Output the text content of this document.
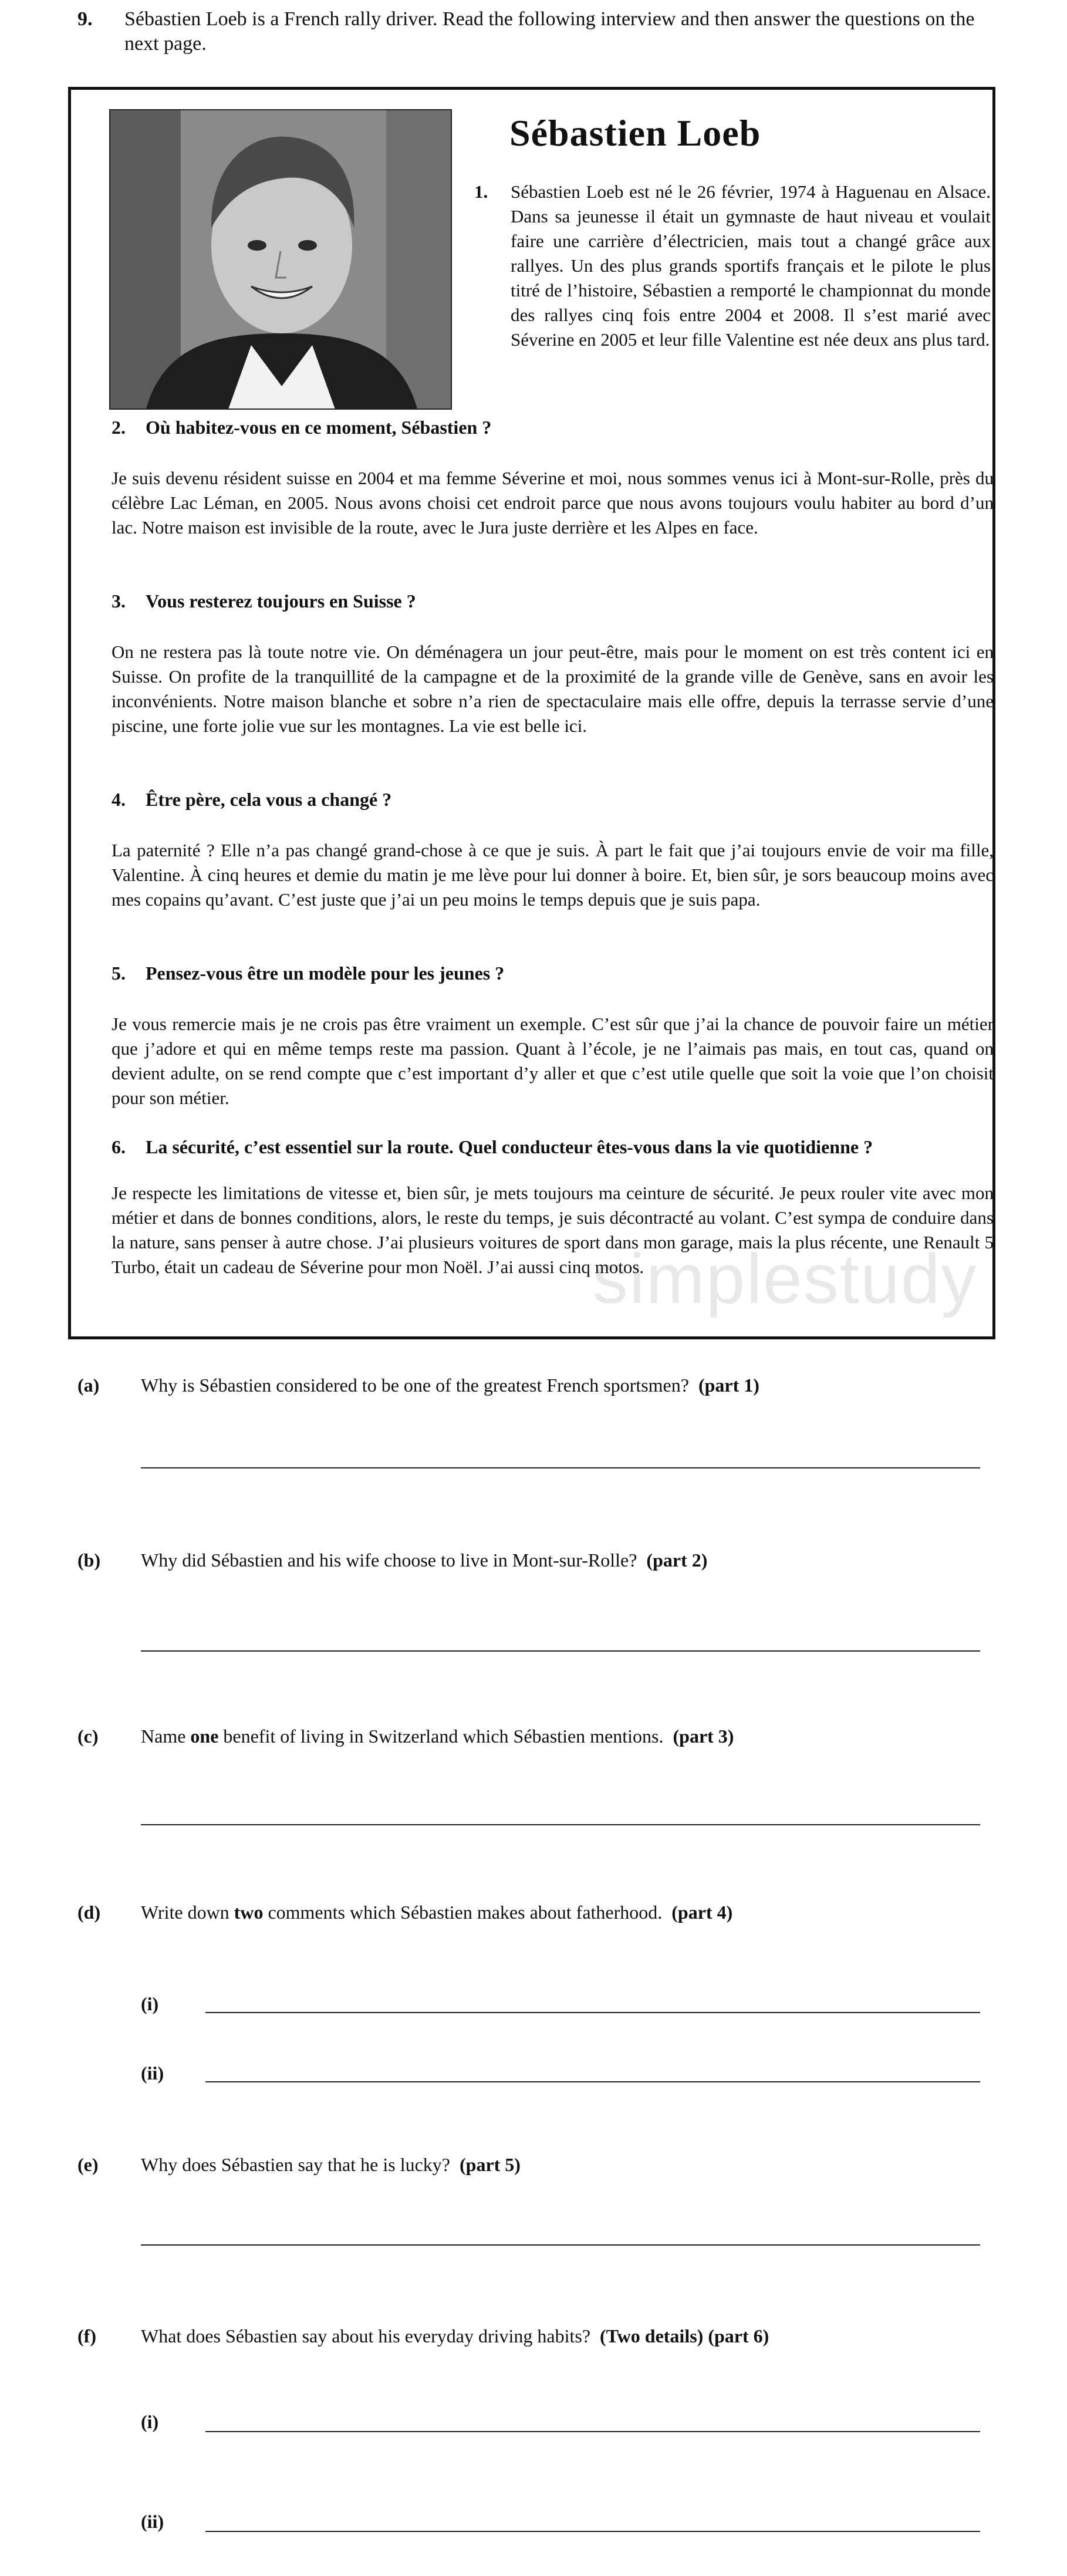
9. Sébastien Loeb is a French rally driver. Read the following interview and then answer the questions on the next page.
simplestudy
Sébastien Loeb
1. Sébastien Loeb est né le 26 février, 1974 à Haguenau en Alsace. Dans sa jeunesse il était un gymnaste de haut niveau et voulait faire une carrière d’électricien, mais tout a changé grâce aux rallyes. Un des plus grands sportifs français et le pilote le plus titré de l’histoire, Sébastien a remporté le championnat du monde des rallyes cinq fois entre 2004 et 2008. Il s’est marié avec Séverine en 2005 et leur fille Valentine est née deux ans plus tard.
2. Où habitez-vous en ce moment, Sébastien ?
Je suis devenu résident suisse en 2004 et ma femme Séverine et moi, nous sommes venus ici à Mont-sur-Rolle, près du célèbre Lac Léman, en 2005. Nous avons choisi cet endroit parce que nous avons toujours voulu habiter au bord d’un lac. Notre maison est invisible de la route, avec le Jura juste derrière et les Alpes en face.
3. Vous resterez toujours en Suisse ?
On ne restera pas là toute notre vie. On déménagera un jour peut-être, mais pour le moment on est très content ici en Suisse. On profite de la tranquillité de la campagne et de la proximité de la grande ville de Genève, sans en avoir les inconvénients. Notre maison blanche et sobre n’a rien de spectaculaire mais elle offre, depuis la terrasse servie d’une piscine, une forte jolie vue sur les montagnes. La vie est belle ici.
4. Être père, cela vous a changé ?
La paternité ? Elle n’a pas changé grand-chose à ce que je suis. À part le fait que j’ai toujours envie de voir ma fille, Valentine. À cinq heures et demie du matin je me lève pour lui donner à boire. Et, bien sûr, je sors beaucoup moins avec mes copains qu’avant. C’est juste que j’ai un peu moins le temps depuis que je suis papa.
5. Pensez-vous être un modèle pour les jeunes ?
Je vous remercie mais je ne crois pas être vraiment un exemple. C’est sûr que j’ai la chance de pouvoir faire un métier que j’adore et qui en même temps reste ma passion. Quant à l’école, je ne l’aimais pas mais, en tout cas, quand on devient adulte, on se rend compte que c’est important d’y aller et que c’est utile quelle que soit la voie que l’on choisit pour son métier.
6. La sécurité, c’est essentiel sur la route. Quel conducteur êtes-vous dans la vie quotidienne ?
Je respecte les limitations de vitesse et, bien sûr, je mets toujours ma ceinture de sécurité. Je peux rouler vite avec mon métier et dans de bonnes conditions, alors, le reste du temps, je suis décontracté au volant. C’est sympa de conduire dans la nature, sans penser à autre chose. J’ai plusieurs voitures de sport dans mon garage, mais la plus récente, une Renault 5 Turbo, était un cadeau de Séverine pour mon Noël. J’ai aussi cinq motos.
(a) Why is Sébastien considered to be one of the greatest French sportsmen? (part 1)
(b) Why did Sébastien and his wife choose to live in Mont-sur-Rolle? (part 2)
(c) Name one benefit of living in Switzerland which Sébastien mentions. (part 3)
(d) Write down two comments which Sébastien makes about fatherhood. (part 4)
(i)
(ii)
(e) Why does Sébastien say that he is lucky? (part 5)
(f) What does Sébastien say about his everyday driving habits? (Two details) (part 6)
(i)
(ii)
